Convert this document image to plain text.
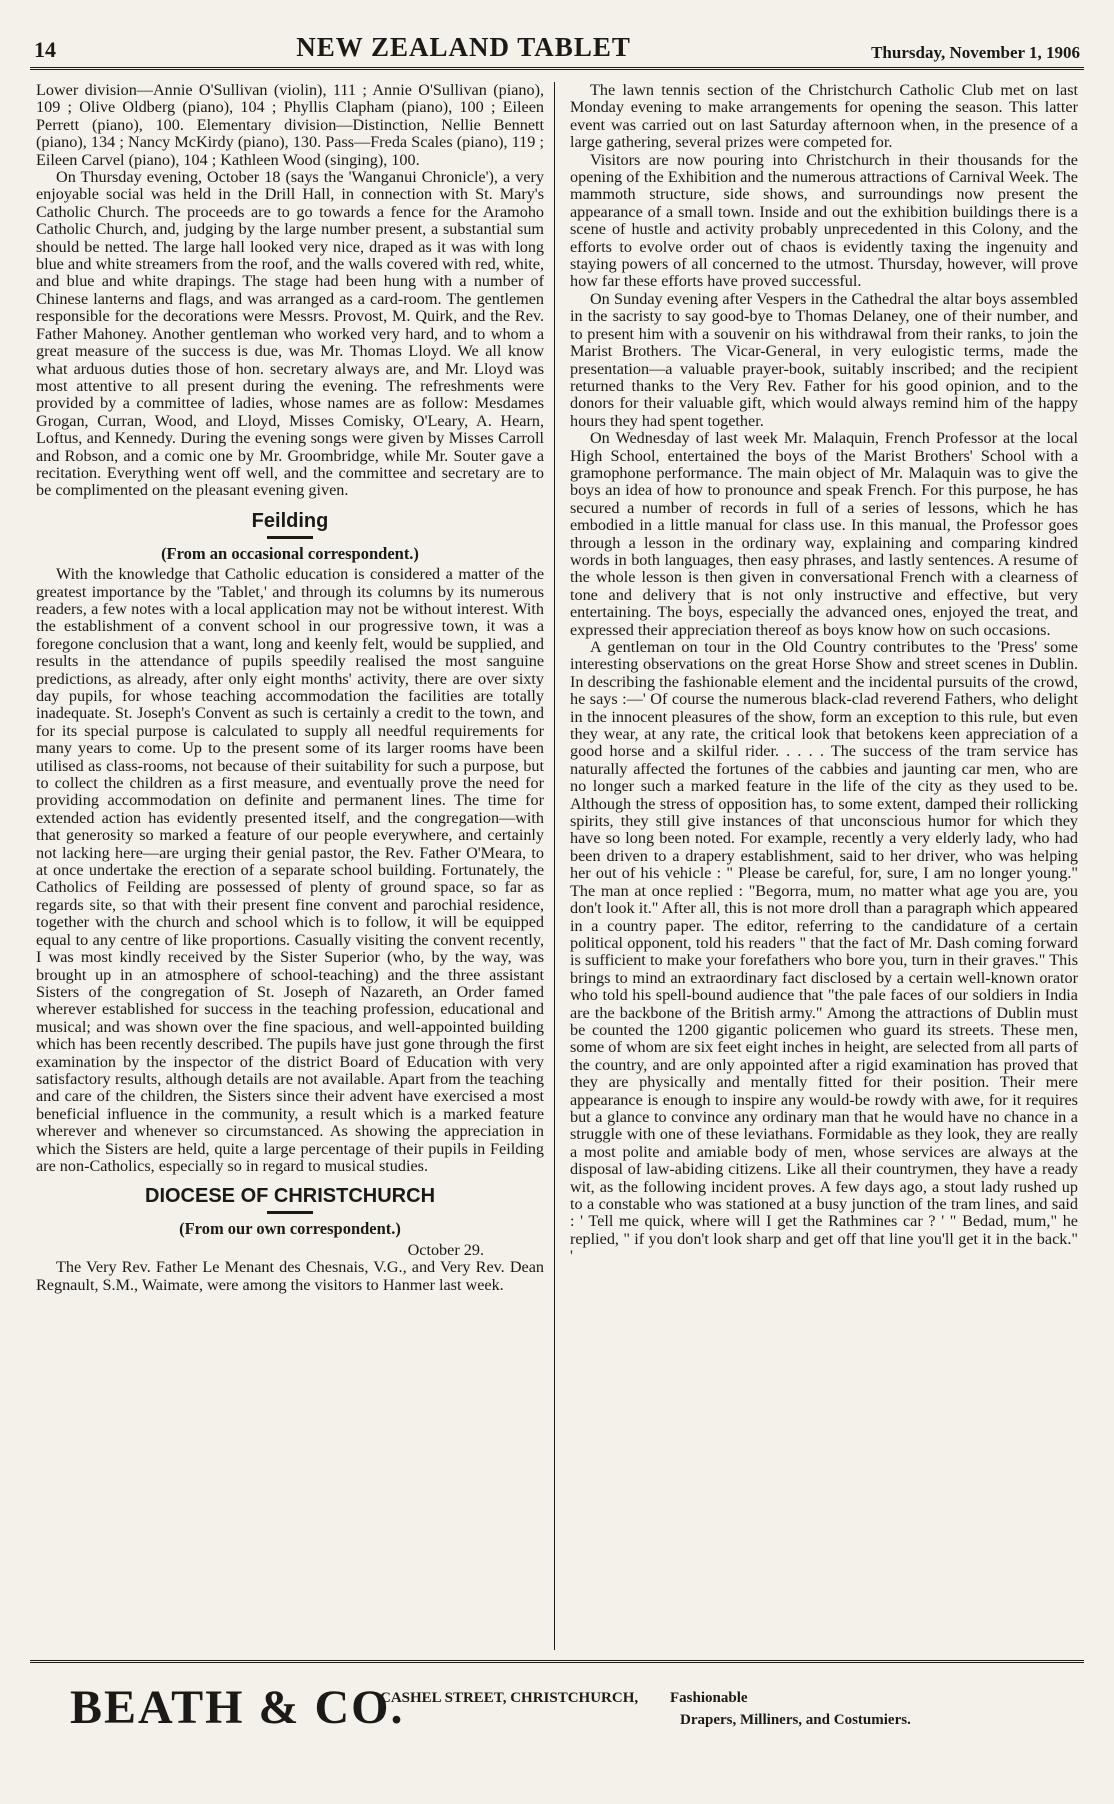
14	NEW ZEALAND TABLET	Thursday, November 1, 1906

Lower division—Annie O'Sullivan (violin), 111 ; Annie O'Sullivan (piano), 109 ; Olive Oldberg (piano), 104 ; Phyllis Clapham (piano), 100 ; Eileen Perrett (piano), 100. Elementary division—Distinction, Nellie Bennett (piano), 134 ; Nancy McKirdy (piano), 130. Pass—Freda Scales (piano), 119 ; Eileen Carvel (piano), 104 ; Kathleen Wood (singing), 100.

On Thursday evening, October 18 (says the 'Wanganui Chronicle'), a very enjoyable social was held in the Drill Hall, in connection with St. Mary's Catholic Church. The proceeds are to go towards a fence for the Aramoho Catholic Church, and, judging by the large number present, a substantial sum should be netted. The large hall looked very nice, draped as it was with long blue and white streamers from the roof, and the walls covered with red, white, and blue and white drapings. The stage had been hung with a number of Chinese lanterns and flags, and was arranged as a card-room. The gentlemen responsible for the decorations were Messrs. Provost, M. Quirk, and the Rev. Father Mahoney. Another gentleman who worked very hard, and to whom a great measure of the success is due, was Mr. Thomas Lloyd. We all know what arduous duties those of hon. secretary always are, and Mr. Lloyd was most attentive to all present during the evening. The refreshments were provided by a committee of ladies, whose names are as follow: Mesdames Grogan, Curran, Wood, and Lloyd, Misses Comisky, O'Leary, A. Hearn, Loftus, and Kennedy. During the evening songs were given by Misses Carroll and Robson, and a comic one by Mr. Groombridge, while Mr. Souter gave a recitation. Everything went off well, and the committee and secretary are to be complimented on the pleasant evening given.

Feilding
(From an occasional correspondent.)

With the knowledge that Catholic education is considered a matter of the greatest importance by the 'Tablet,' and through its columns by its numerous readers, a few notes with a local application may not be without interest. With the establishment of a convent school in our progressive town, it was a foregone conclusion that a want, long and keenly felt, would be supplied, and results in the attendance of pupils speedily realised the most sanguine predictions, as already, after only eight months' activity, there are over sixty day pupils, for whose teaching accommodation the facilities are totally inadequate. St. Joseph's Convent as such is certainly a credit to the town, and for its special purpose is calculated to supply all needful requirements for many years to come. Up to the present some of its larger rooms have been utilised as class-rooms, not because of their suitability for such a purpose, but to collect the children as a first measure, and eventually prove the need for providing accommodation on definite and permanent lines. The time for extended action has evidently presented itself, and the congregation—with that generosity so marked a feature of our people everywhere, and certainly not lacking here—are urging their genial pastor, the Rev. Father O'Meara, to at once undertake the erection of a separate school building. Fortunately, the Catholics of Feilding are possessed of plenty of ground space, so far as regards site, so that with their present fine convent and parochial residence, together with the church and school which is to follow, it will be equipped equal to any centre of like proportions. Casually visiting the convent recently, I was most kindly received by the Sister Superior (who, by the way, was brought up in an atmosphere of school-teaching) and the three assistant Sisters of the congregation of St. Joseph of Nazareth, an Order famed wherever established for success in the teaching profession, educational and musical; and was shown over the fine spacious, and well-appointed building which has been recently described. The pupils have just gone through the first examination by the inspector of the district Board of Education with very satisfactory results, although details are not available. Apart from the teaching and care of the children, the Sisters since their advent have exercised a most beneficial influence in the community, a result which is a marked feature wherever and whenever so circumstanced. As showing the appreciation in which the Sisters are held, quite a large percentage of their pupils in Feilding are non-Catholics, especially so in regard to musical studies.

DIOCESE OF CHRISTCHURCH
(From our own correspondent.)
October 29.

The Very Rev. Father Le Menant des Chesnais, V.G., and Very Rev. Dean Regnault, S.M., Waimate, were among the visitors to Hanmer last week.

The lawn tennis section of the Christchurch Catholic Club met on last Monday evening to make arrangements for opening the season. This latter event was carried out on last Saturday afternoon when, in the presence of a large gathering, several prizes were competed for.

Visitors are now pouring into Christchurch in their thousands for the opening of the Exhibition and the numerous attractions of Carnival Week. The mammoth structure, side shows, and surroundings now present the appearance of a small town. Inside and out the exhibition buildings there is a scene of hustle and activity probably unprecedented in this Colony, and the efforts to evolve order out of chaos is evidently taxing the ingenuity and staying powers of all concerned to the utmost. Thursday, however, will prove how far these efforts have proved successful.

On Sunday evening after Vespers in the Cathedral the altar boys assembled in the sacristy to say good-bye to Thomas Delaney, one of their number, and to present him with a souvenir on his withdrawal from their ranks, to join the Marist Brothers. The Vicar-General, in very eulogistic terms, made the presentation—a valuable prayer-book, suitably inscribed; and the recipient returned thanks to the Very Rev. Father for his good opinion, and to the donors for their valuable gift, which would always remind him of the happy hours they had spent together.

On Wednesday of last week Mr. Malaquin, French Professor at the local High School, entertained the boys of the Marist Brothers' School with a gramophone performance. The main object of Mr. Malaquin was to give the boys an idea of how to pronounce and speak French. For this purpose, he has secured a number of records in full of a series of lessons, which he has embodied in a little manual for class use. In this manual, the Professor goes through a lesson in the ordinary way, explaining and comparing kindred words in both languages, then easy phrases, and lastly sentences. A resume of the whole lesson is then given in conversational French with a clearness of tone and delivery that is not only instructive and effective, but very entertaining. The boys, especially the advanced ones, enjoyed the treat, and expressed their appreciation thereof as boys know how on such occasions.

A gentleman on tour in the Old Country contributes to the 'Press' some interesting observations on the great Horse Show and street scenes in Dublin. In describing the fashionable element and the incidental pursuits of the crowd, he says :—' Of course the numerous black-clad reverend Fathers, who delight in the innocent pleasures of the show, form an exception to this rule, but even they wear, at any rate, the critical look that betokens keen appreciation of a good horse and a skilful rider. . . . . The success of the tram service has naturally affected the fortunes of the cabbies and jaunting car men, who are no longer such a marked feature in the life of the city as they used to be. Although the stress of opposition has, to some extent, damped their rollicking spirits, they still give instances of that unconscious humor for which they have so long been noted. For example, recently a very elderly lady, who had been driven to a drapery establishment, said to her driver, who was helping her out of his vehicle : " Please be careful, for, sure, I am no longer young." The man at once replied : "Begorra, mum, no matter what age you are, you don't look it." After all, this is not more droll than a paragraph which appeared in a country paper. The editor, referring to the candidature of a certain political opponent, told his readers " that the fact of Mr. Dash coming forward is sufficient to make your forefathers who bore you, turn in their graves." This brings to mind an extraordinary fact disclosed by a certain well-known orator who told his spell-bound audience that "the pale faces of our soldiers in India are the backbone of the British army." Among the attractions of Dublin must be counted the 1200 gigantic policemen who guard its streets. These men, some of whom are six feet eight inches in height, are selected from all parts of the country, and are only appointed after a rigid examination has proved that they are physically and mentally fitted for their position. Their mere appearance is enough to inspire any would-be rowdy with awe, for it requires but a glance to convince any ordinary man that he would have no chance in a struggle with one of these leviathans. Formidable as they look, they are really a most polite and amiable body of men, whose services are always at the disposal of law-abiding citizens. Like all their countrymen, they have a ready wit, as the following incident proves. A few days ago, a stout lady rushed up to a constable who was stationed at a busy junction of the tram lines, and said : ' Tell me quick, where will I get the Rathmines car ? ' " Bedad, mum," he replied, " if you don't look sharp and get off that line you'll get it in the back." '

BEATH & CO.
CASHEL STREET, CHRISTCHURCH, Fashionable
Drapers, Milliners, and Costumiers.
